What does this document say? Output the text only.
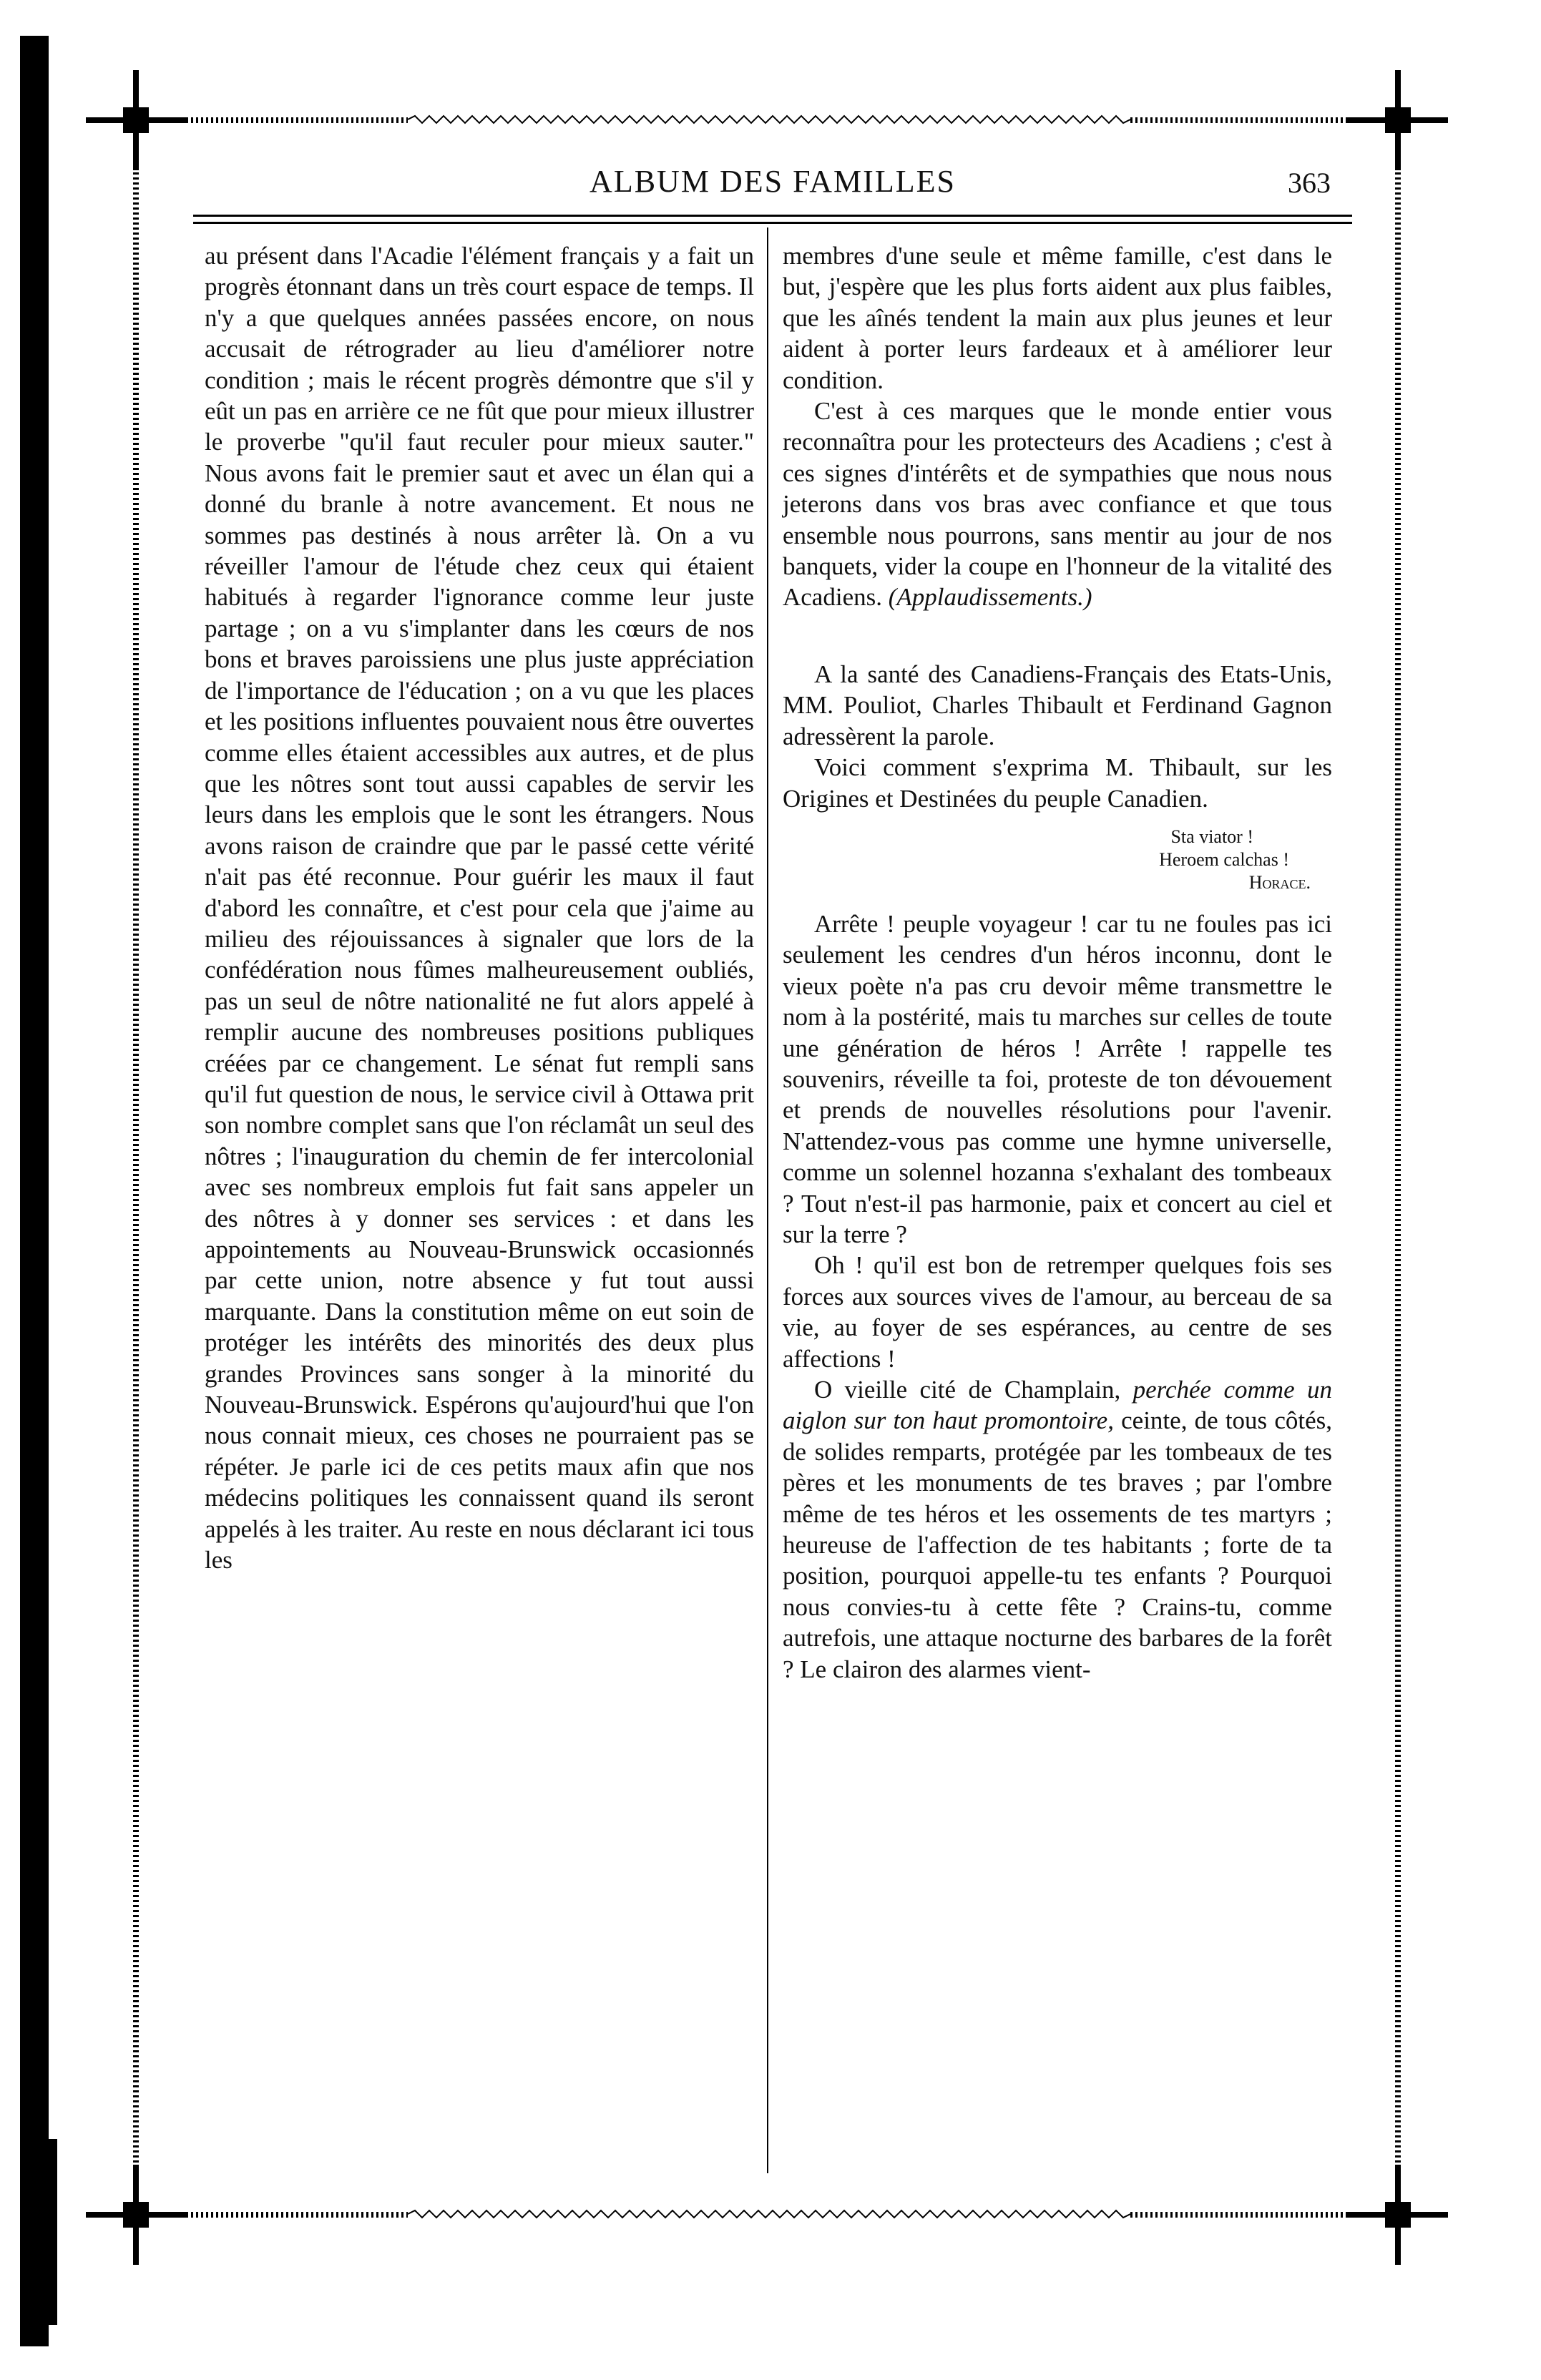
ALBUM DES FAMILLES	363

au présent dans l'Acadie l'élément français y a fait un progrès étonnant dans un très court espace de temps. Il n'y a que quelques années passées encore, on nous accusait de rétrograder au lieu d'améliorer notre condition ; mais le récent progrès démontre que s'il y eût un pas en arrière ce ne fût que pour mieux illustrer le proverbe "qu'il faut reculer pour mieux sauter." Nous avons fait le premier saut et avec un élan qui a donné du branle à notre avancement. Et nous ne sommes pas destinés à nous arrêter là. On a vu réveiller l'amour de l'étude chez ceux qui étaient habitués à regarder l'ignorance comme leur juste partage ; on a vu s'implanter dans les cœurs de nos bons et braves paroissiens une plus juste appréciation de l'importance de l'éducation ; on a vu que les places et les positions influentes pouvaient nous être ouvertes comme elles étaient accessibles aux autres, et de plus que les nôtres sont tout aussi capables de servir les leurs dans les emplois que le sont les étrangers. Nous avons raison de craindre que par le passé cette vérité n'ait pas été reconnue. Pour guérir les maux il faut d'abord les connaître, et c'est pour cela que j'aime au milieu des réjouissances à signaler que lors de la confédération nous fûmes malheureusement oubliés, pas un seul de nôtre nationalité ne fut alors appelé à remplir aucune des nombreuses positions publiques créées par ce changement. Le sénat fut rempli sans qu'il fut question de nous, le service civil à Ottawa prit son nombre complet sans que l'on réclamât un seul des nôtres ; l'inauguration du chemin de fer intercolonial avec ses nombreux emplois fut fait sans appeler un des nôtres à y donner ses services : et dans les appointements au Nouveau-Brunswick occasionnés par cette union, notre absence y fut tout aussi marquante. Dans la constitution même on eut soin de protéger les intérêts des minorités des deux plus grandes Provinces sans songer à la minorité du Nouveau-Brunswick. Espérons qu'aujourd'hui que l'on nous connait mieux, ces choses ne pourraient pas se répéter. Je parle ici de ces petits maux afin que nos médecins politiques les connaissent quand ils seront appelés à les traiter. Au reste en nous déclarant ici tous les

membres d'une seule et même famille, c'est dans le but, j'espère que les plus forts aident aux plus faibles, que les aînés tendent la main aux plus jeunes et leur aident à porter leurs fardeaux et à améliorer leur condition.

C'est à ces marques que le monde entier vous reconnaîtra pour les protecteurs des Acadiens ; c'est à ces signes d'intérêts et de sympathies que nous nous jeterons dans vos bras avec confiance et que tous ensemble nous pourrons, sans mentir au jour de nos banquets, vider la coupe en l'honneur de la vitalité des Acadiens. (Applaudissements.)

A la santé des Canadiens-Français des Etats-Unis, MM. Pouliot, Charles Thibault et Ferdinand Gagnon adressèrent la parole.

Voici comment s'exprima M. Thibault, sur les Origines et Destinées du peuple Canadien.

Sta viator !
Heroem calchas !
Horace.

Arrête ! peuple voyageur ! car tu ne foules pas ici seulement les cendres d'un héros inconnu, dont le vieux poète n'a pas cru devoir même transmettre le nom à la postérité, mais tu marches sur celles de toute une génération de héros ! Arrête ! rappelle tes souvenirs, réveille ta foi, proteste de ton dévouement et prends de nouvelles résolutions pour l'avenir. N'attendez-vous pas comme une hymne universelle, comme un solennel hozanna s'exhalant des tombeaux ? Tout n'est-il pas harmonie, paix et concert au ciel et sur la terre ?

Oh ! qu'il est bon de retremper quelques fois ses forces aux sources vives de l'amour, au berceau de sa vie, au foyer de ses espérances, au centre de ses affections !

O vieille cité de Champlain, perchée comme un aiglon sur ton haut promontoire, ceinte, de tous côtés, de solides remparts, protégée par les tombeaux de tes pères et les monuments de tes braves ; par l'ombre même de tes héros et les ossements de tes martyrs ; heureuse de l'affection de tes habitants ; forte de ta position, pourquoi appelle-tu tes enfants ? Pourquoi nous convies-tu à cette fête ? Crains-tu, comme autrefois, une attaque nocturne des barbares de la forêt ? Le clairon des alarmes vient-
